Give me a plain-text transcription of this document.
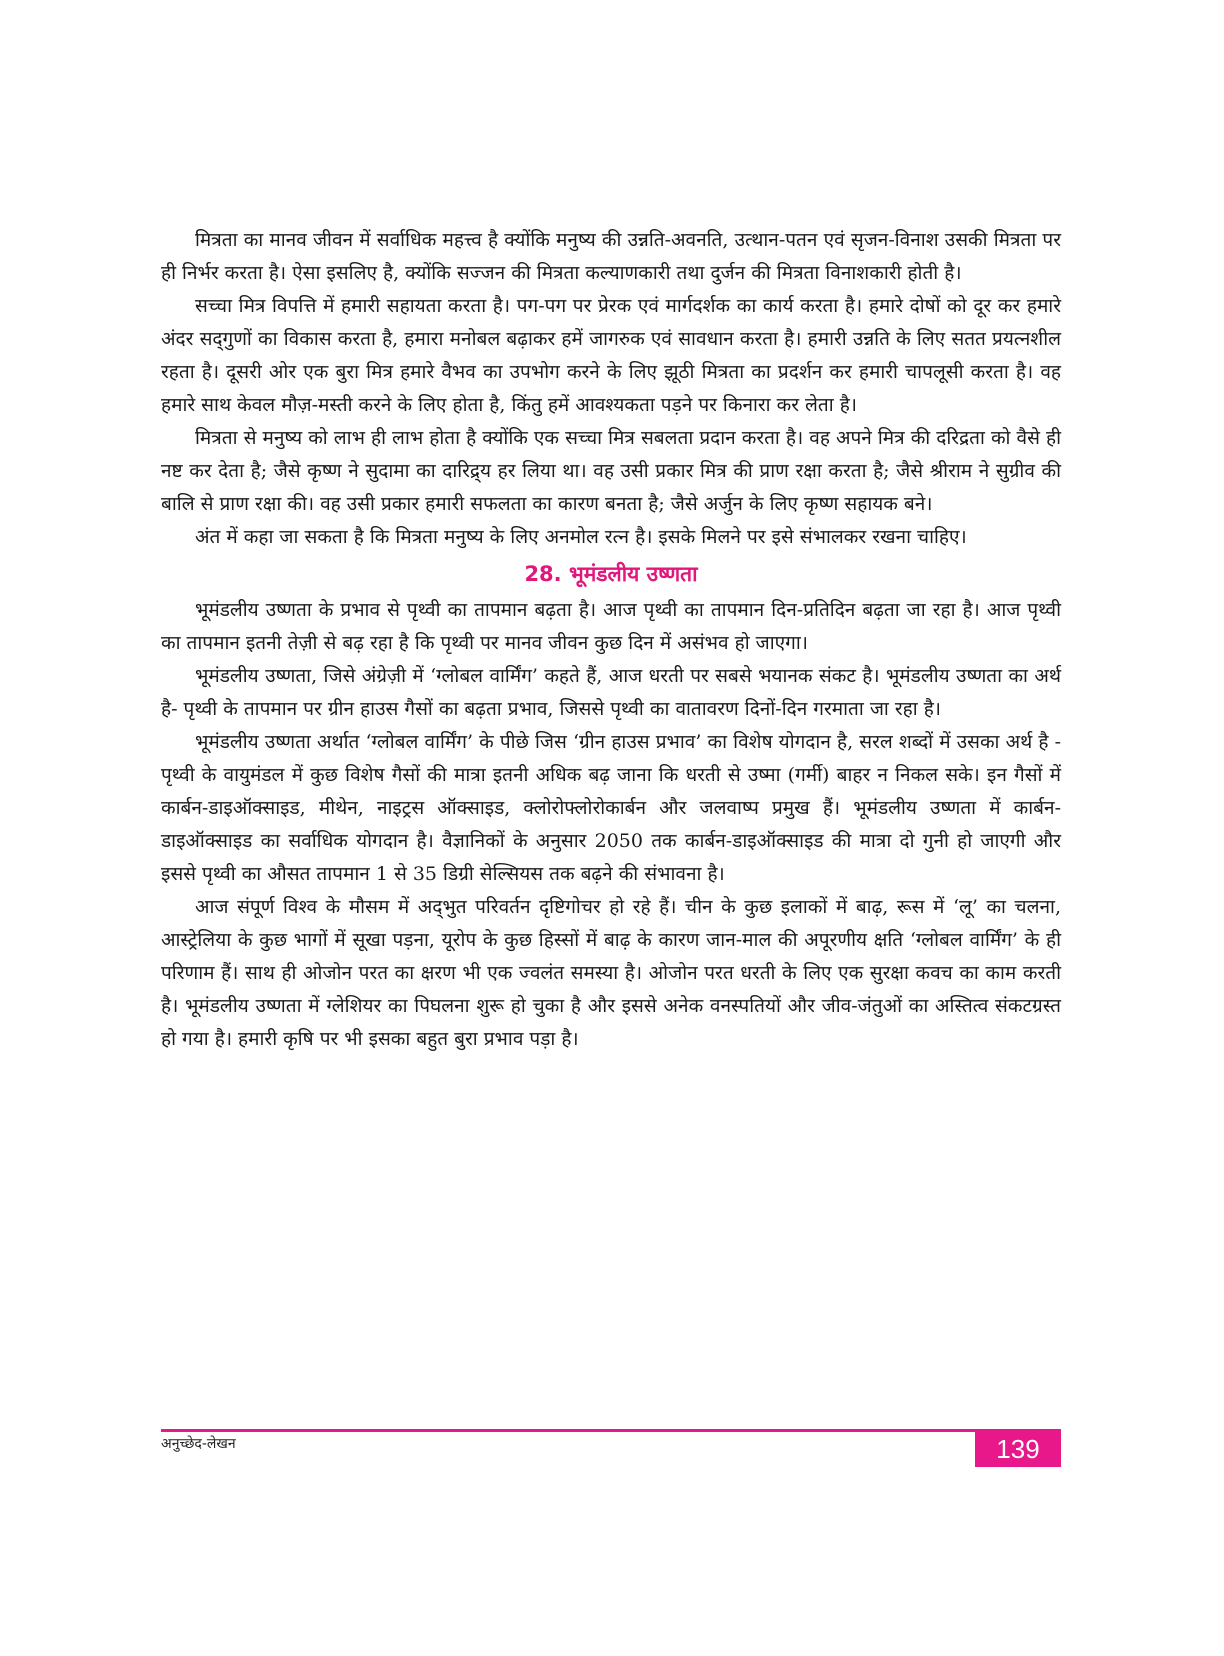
मित्रता का मानव जीवन में सर्वाधिक महत्त्व है क्योंकि मनुष्य की उन्नति-अवनति, उत्थान-पतन एवं सृजन-विनाश उसकी मित्रता पर ही निर्भर करता है। ऐसा इसलिए है, क्योंकि सज्जन की मित्रता कल्याणकारी तथा दुर्जन की मित्रता विनाशकारी होती है।

सच्चा मित्र विपत्ति में हमारी सहायता करता है। पग-पग पर प्रेरक एवं मार्गदर्शक का कार्य करता है। हमारे दोषों को दूर कर हमारे अंदर सद्‌गुणों का विकास करता है, हमारा मनोबल बढ़ाकर हमें जागरुक एवं सावधान करता है। हमारी उन्नति के लिए सतत प्रयत्नशील रहता है। दूसरी ओर एक बुरा मित्र हमारे वैभव का उपभोग करने के लिए झूठी मित्रता का प्रदर्शन कर हमारी चापलूसी करता है। वह हमारे साथ केवल मौज़-मस्ती करने के लिए होता है, किंतु हमें आवश्यकता पड़ने पर किनारा कर लेता है।

मित्रता से मनुष्य को लाभ ही लाभ होता है क्योंकि एक सच्चा मित्र सबलता प्रदान करता है। वह अपने मित्र की दरिद्रता को वैसे ही नष्ट कर देता है; जैसे कृष्ण ने सुदामा का दारिद्र्य हर लिया था। वह उसी प्रकार मित्र की प्राण रक्षा करता है; जैसे श्रीराम ने सुग्रीव की बालि से प्राण रक्षा की। वह उसी प्रकार हमारी सफलता का कारण बनता है; जैसे अर्जुन के लिए कृष्ण सहायक बने।

अंत में कहा जा सकता है कि मित्रता मनुष्य के लिए अनमोल रत्न है। इसके मिलने पर इसे संभालकर रखना चाहिए।

28. भूमंडलीय उष्णता

भूमंडलीय उष्णता के प्रभाव से पृथ्वी का तापमान बढ़ता है। आज पृथ्वी का तापमान दिन-प्रतिदिन बढ़ता जा रहा है। आज पृथ्वी का तापमान इतनी तेज़ी से बढ़ रहा है कि पृथ्वी पर मानव जीवन कुछ दिन में असंभव हो जाएगा।

भूमंडलीय उष्णता, जिसे अंग्रेज़ी में ‘ग्लोबल वार्मिंग’ कहते हैं, आज धरती पर सबसे भयानक संकट है। भूमंडलीय उष्णता का अर्थ है- पृथ्वी के तापमान पर ग्रीन हाउस गैसों का बढ़ता प्रभाव, जिससे पृथ्वी का वातावरण दिनों-दिन गरमाता जा रहा है।

भूमंडलीय उष्णता अर्थात ‘ग्लोबल वार्मिंग’ के पीछे जिस ‘ग्रीन हाउस प्रभाव’ का विशेष योगदान है, सरल शब्दों में उसका अर्थ है - पृथ्वी के वायुमंडल में कुछ विशेष गैसों की मात्रा इतनी अधिक बढ़ जाना कि धरती से उष्मा (गर्मी) बाहर न निकल सके। इन गैसों में कार्बन-डाइऑक्साइड, मीथेन, नाइट्रस ऑक्साइड, क्लोरोफ्लोरोकार्बन और जलवाष्प प्रमुख हैं। भूमंडलीय उष्णता में कार्बन-डाइऑक्साइड का सर्वाधिक योगदान है। वैज्ञानिकों के अनुसार 2050 तक कार्बन-डाइऑक्साइड की मात्रा दो गुनी हो जाएगी और इससे पृथ्वी का औसत तापमान 1 से 35 डिग्री सेल्सियस तक बढ़ने की संभावना है।

आज संपूर्ण विश्व के मौसम में अद्‌भुत परिवर्तन दृष्टिगोचर हो रहे हैं। चीन के कुछ इलाकों में बाढ़, रूस में ‘लू’ का चलना, आस्ट्रेलिया के कुछ भागों में सूखा पड़ना, यूरोप के कुछ हिस्सों में बाढ़ के कारण जान-माल की अपूरणीय क्षति ‘ग्लोबल वार्मिंग’ के ही परिणाम हैं। साथ ही ओजोन परत का क्षरण भी एक ज्वलंत समस्या है। ओजोन परत धरती के लिए एक सुरक्षा कवच का काम करती है। भूमंडलीय उष्णता में ग्लेशियर का पिघलना शुरू हो चुका है और इससे अनेक वनस्पतियों और जीव-जंतुओं का अस्तित्व संकटग्रस्त हो गया है। हमारी कृषि पर भी इसका बहुत बुरा प्रभाव पड़ा है।

अनुच्छेद-लेखन	139
